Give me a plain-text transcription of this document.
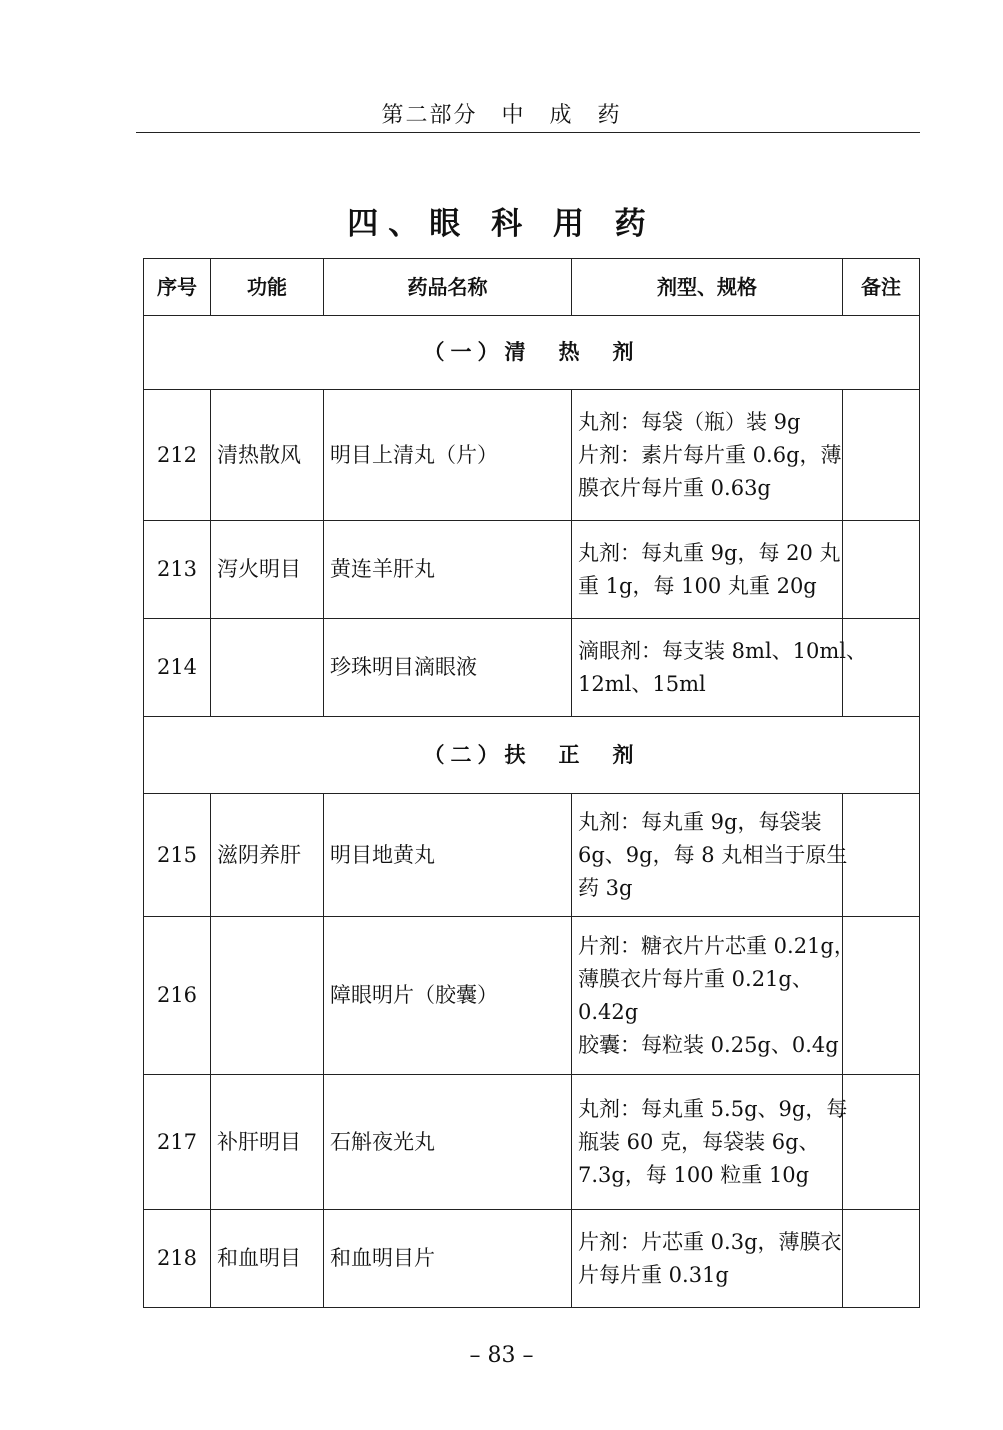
第二部分　中　成　药
四、眼 科 用 药
序号	功能	药品名称	剂型、规格	备注
（一）清　热　剂				
212	清热散风	明目上清丸（片）	丸剂：每袋（瓶）装 9g
片剂：素片每片重 0.6g，薄
膜衣片每片重 0.63g	

213	泻火明目	黄连羊肝丸	丸剂：每丸重 9g，每 20 丸
重 1g，每 100 丸重 20g	

214		珍珠明目滴眼液	滴眼剂：每支装 8ml、10ml、
12ml、15ml	

（二）扶　正　剂				
215	滋阴养肝	明目地黄丸	丸剂：每丸重 9g，每袋装
6g、9g，每 8 丸相当于原生
药 3g	

216		障眼明片（胶囊）	片剂：糖衣片片芯重 0.21g，
薄膜衣片每片重 0.21g、
0.42g
胶囊：每粒装 0.25g、0.4g	

217	补肝明目	石斛夜光丸	丸剂：每丸重 5.5g、9g，每
瓶装 60 克，每袋装 6g、
7.3g，每 100 粒重 10g	

218	和血明目	和血明目片	片剂：片芯重 0.3g，薄膜衣
片每片重 0.31g	

– 83 –
